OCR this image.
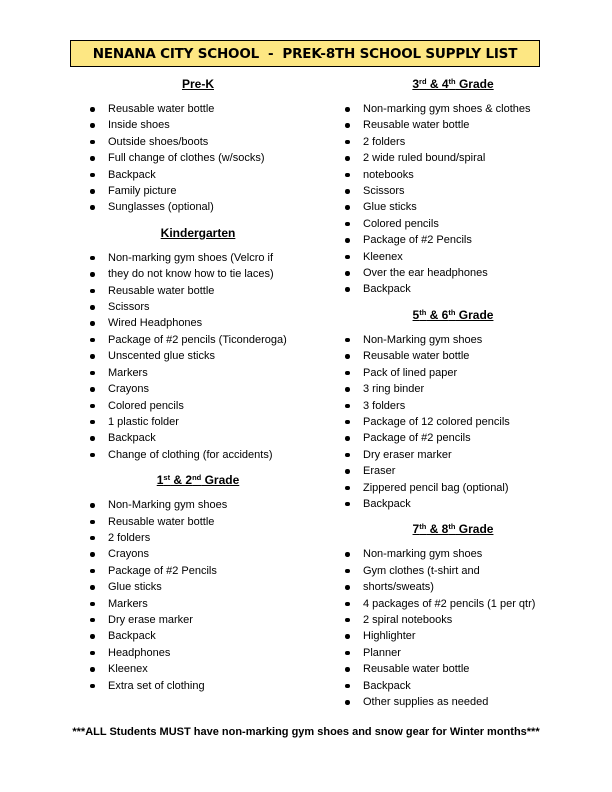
NENANA CITY SCHOOL  -  PREK-8TH SCHOOL SUPPLY LIST
Pre-K
Reusable water bottle
Inside shoes
Outside shoes/boots
Full change of clothes (w/socks)
Backpack
Family picture
Sunglasses (optional)
Kindergarten
Non-marking gym shoes (Velcro if
they do not know how to tie laces)
Reusable water bottle
Scissors
Wired Headphones
Package of #2 pencils (Ticonderoga)
Unscented glue sticks
Markers
Crayons
Colored pencils
1 plastic folder
Backpack
Change of clothing (for accidents)
1st & 2nd Grade
Non-Marking gym shoes
Reusable water bottle
2 folders
Crayons
Package of #2 Pencils
Glue sticks
Markers
Dry erase marker
Backpack
Headphones
Kleenex
Extra set of clothing
3rd & 4th Grade
Non-marking gym shoes & clothes
Reusable water bottle
2 folders
2 wide ruled bound/spiral
notebooks
Scissors
Glue sticks
Colored pencils
Package of #2 Pencils
Kleenex
Over the ear headphones
Backpack
5th & 6th Grade
Non-Marking gym shoes
Reusable water bottle
Pack of lined paper
3 ring binder
3 folders
Package of 12 colored pencils
Package of #2 pencils
Dry eraser marker
Eraser
Zippered pencil bag (optional)
Backpack
7th & 8th Grade
Non-marking gym shoes
Gym clothes (t-shirt and
shorts/sweats)
4 packages of #2 pencils (1 per qtr)
2 spiral notebooks
Highlighter
Planner
Reusable water bottle
Backpack
Other supplies as needed
***ALL Students MUST have non-marking gym shoes and snow gear for Winter months***
